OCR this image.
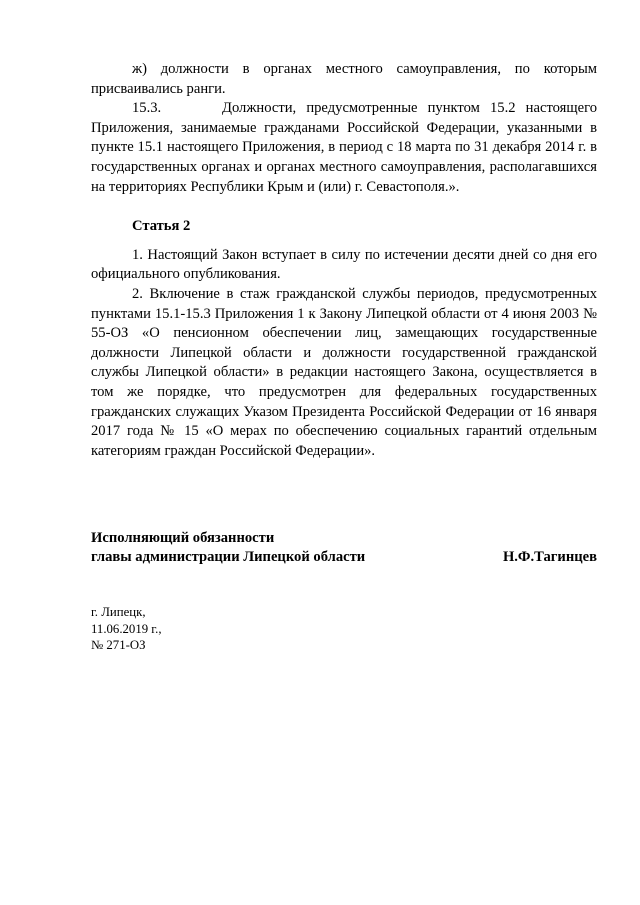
ж) должности в органах местного самоуправления, по которым присваивались ранги.

15.3.      Должности, предусмотренные пунктом 15.2 настоящего Приложения, занимаемые гражданами Российской Федерации, указанными в пункте 15.1 настоящего Приложения, в период с 18 марта по 31 декабря 2014 г. в государственных органах и органах местного самоуправления, располагавшихся на территориях Республики Крым и (или) г. Севастополя.».

Статья 2

1. Настоящий Закон вступает в силу по истечении десяти дней со дня его официального опубликования.

2. Включение в стаж гражданской службы периодов, предусмотренных пунктами 15.1-15.3 Приложения 1 к Закону Липецкой области от 4 июня 2003 № 55-ОЗ «О пенсионном обеспечении лиц, замещающих государственные должности Липецкой области и должности государственной гражданской службы Липецкой области» в редакции настоящего Закона, осуществляется в том же порядке, что предусмотрен для федеральных государственных гражданских служащих Указом Президента Российской Федерации от 16 января 2017 года № 15 «О мерах по обеспечению социальных гарантий отдельным категориям граждан Российской Федерации».

Исполняющий обязанности
главы администрации Липецкой области	Н.Ф.Тагинцев
г. Липецк,
11.06.2019 г.,
№ 271-ОЗ
